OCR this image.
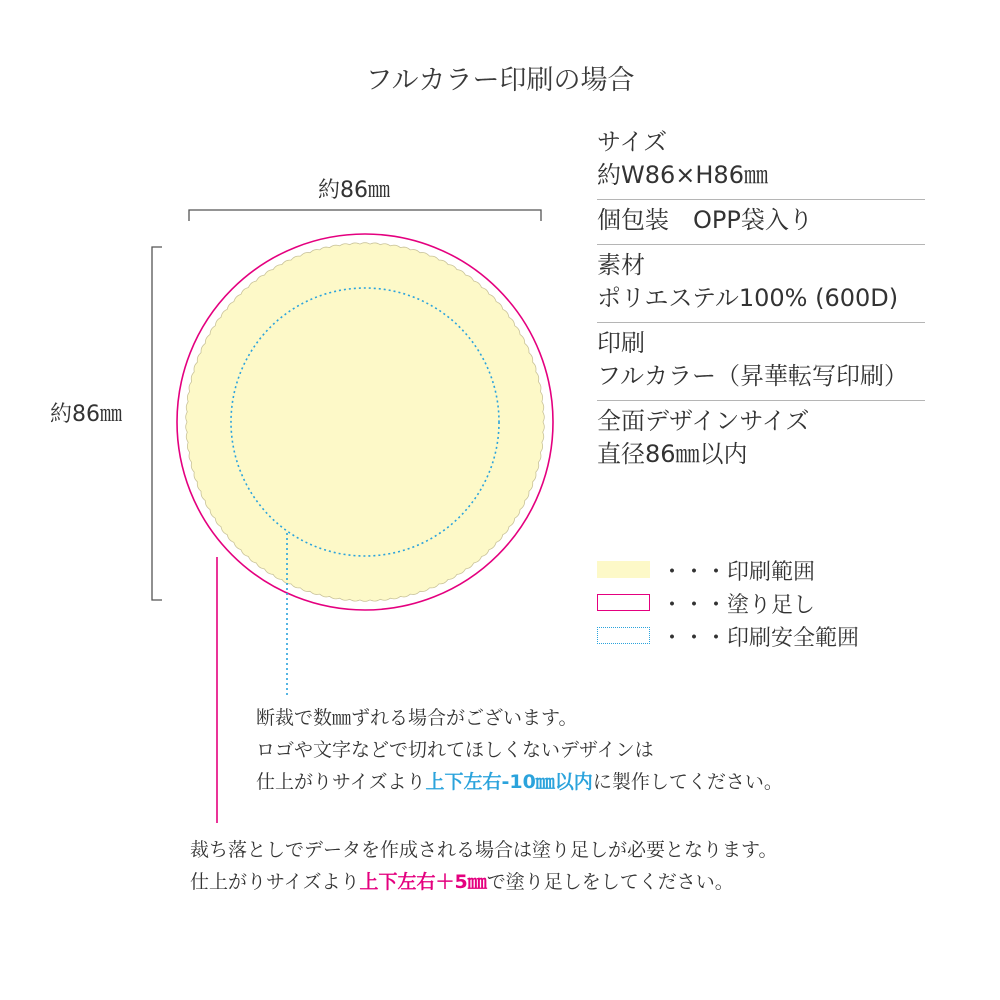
フルカラー印刷の場合
約86㎜
約86㎜
サイズ
約W86×H86㎜
個包装　OPP袋入り
素材
ポリエステル100% (600D)
印刷
フルカラー（昇華転写印刷）
全面デザインサイズ
直径86㎜以内
・・・印刷範囲
・・・塗り足し
・・・印刷安全範囲
断裁で数㎜ずれる場合がございます。
ロゴや文字などで切れてほしくないデザインは
仕上がりサイズより上下左右-10㎜以内に製作してください。
裁ち落としでデータを作成される場合は塗り足しが必要となります。
仕上がりサイズより上下左右＋5㎜で塗り足しをしてください。
